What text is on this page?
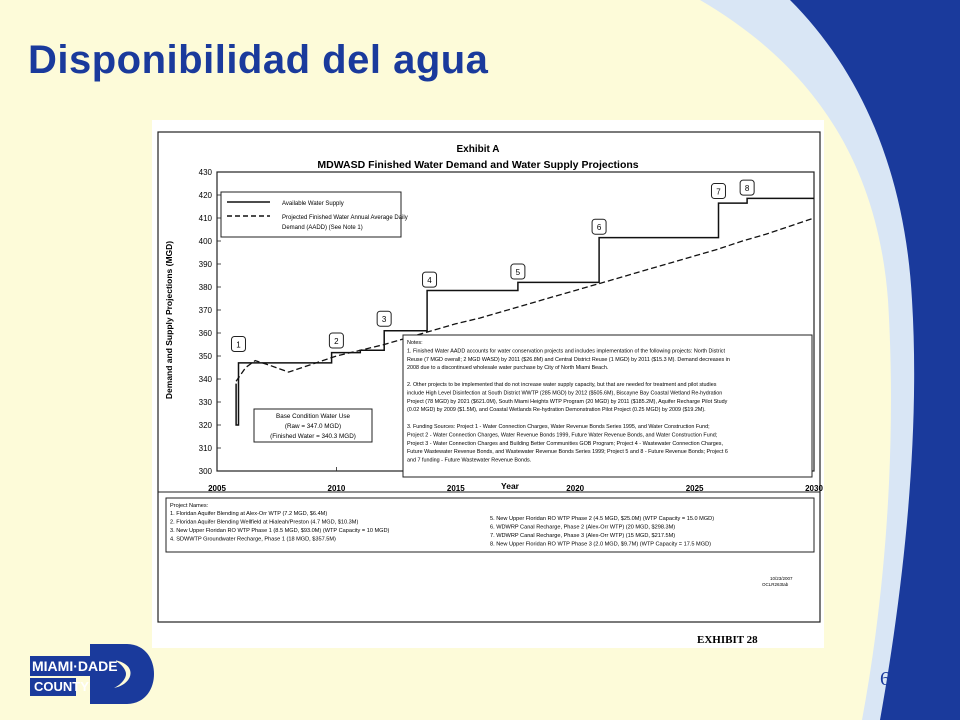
Disponibilidad del agua
Exhibit A
MDWASD Finished Water Demand and Water Supply Projections
Demand and Supply Projections (MGD)
Year
300
310
320
330
340
350
360
370
380
390
400
410
420
430
2005	2010	2015	2020	2025	2030
Available Water Supply
Projected Finished Water Annual Average Daily
Demand (AADD) (See Note 1)
1	2
3
4
5
6
7	8
Base Condition Water Use
(Raw = 347.0 MGD)
(Finished Water = 340.3 MGD)
Notes:
1. Finished Water AADD accounts for water conservation projects and includes implementation of the following projects: North District
Reuse (7 MGD overall; 2 MGD WASD) by 2011 ($26.8M) and Central District Reuse (1 MGD) by 2011 ($15.3 M). Demand decreases in
2008 due to a discontinued wholesale water purchase by City of North Miami Beach.
2. Other projects to be implemented that do not increase water supply capacity, but that are needed for treatment and pilot studies
include High Level Disinfection at South District WWTP (285 MGD) by 2012 ($505.6M), Biscayne Bay Coastal Wetland Re-hydration
Project (78 MGD) by 2021 ($621.0M), South Miami Heights WTP Program (20 MGD) by 2011 ($185.2M), Aquifer Recharge Pilot Study
(0.02 MGD) by 2009 ($1.5M), and Coastal Wetlands Re-hydration Demonstration Pilot Project (0.25 MGD) by 2009 ($19.2M).
3. Funding Sources: Project 1 - Water Connection Charges, Water Revenue Bonds Series 1995, and Water Construction Fund;
Project 2 - Water Connection Charges, Water Revenue Bonds 1999, Future Water Revenue Bonds, and Water Construction Fund;
Project 3 - Water Connection Charges and Building Better Communities GOB Program; Project 4 - Wastewater Connection Charges,
Future Wastewater Revenue Bonds, and Wastewater Revenue Bonds Series 1999; Project 5 and 8 - Future Revenue Bonds; Project 6
and 7 funding - Future Wastewater Revenue Bonds.
Project Names:
1. Floridan Aquifer Blending at Alex-Orr WTP (7.2 MGD, $6.4M)
2. Floridan Aquifer Blending Wellfield at Hialeah/Preston (4.7 MGD, $10.3M)
3. New Upper Floridan RO WTP Phase 1 (8.5 MGD, $93.0M) (WTP Capacity = 10 MGD)
4. SDWWTP Groundwater Recharge, Phase 1 (18 MGD, $357.5M)
5. New Upper Floridan RO WTP Phase 2 (4.5 MGD, $25.0M) (WTP Capacity = 15.0 MGD)
6. WDWRP Canal Recharge, Phase 2 (Alex-Orr WTP) (20 MGD, $298.3M)
7. WDWRP Canal Recharge, Phase 3 (Alex-Orr WTP) (15 MGD, $217.5M)
8. New Upper Floridan RO WTP Phase 3 (2.0 MGD, $9.7M) (WTP Capacity = 17.5 MGD)
10/23/2007
OCLR263tab
EXHIBIT 28
MIAMI·DADE
COUNTY	6
